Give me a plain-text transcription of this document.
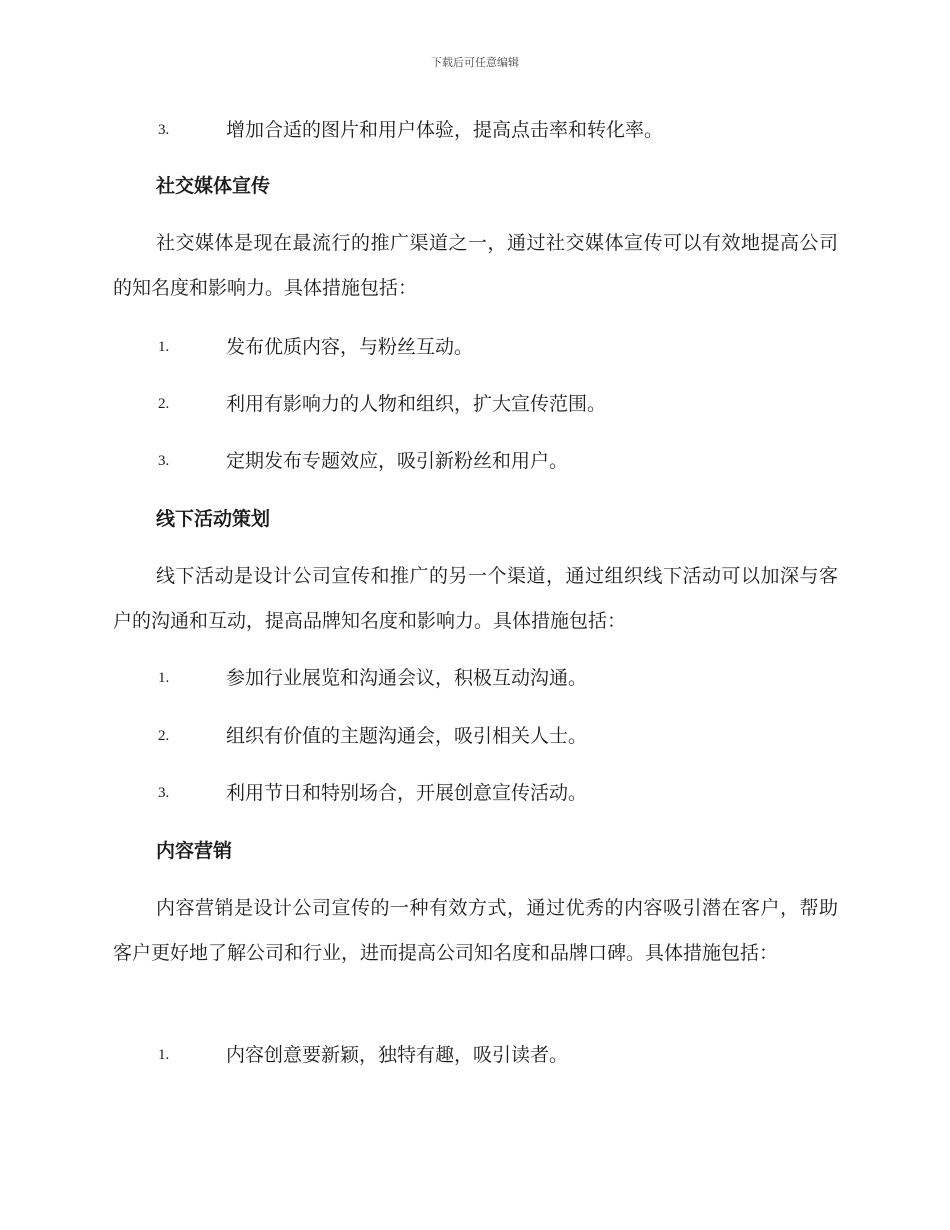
下载后可任意编辑
3.	增加合适的图片和用户体验，提高点击率和转化率。
社交媒体宣传
社交媒体是现在最流行的推广渠道之一，通过社交媒体宣传可以有效地提高公司的知名度和影响力。具体措施包括：
1.	发布优质内容，与粉丝互动。
2.	利用有影响力的人物和组织，扩大宣传范围。
3.	定期发布专题效应，吸引新粉丝和用户。
线下活动策划
线下活动是设计公司宣传和推广的另一个渠道，通过组织线下活动可以加深与客户的沟通和互动，提高品牌知名度和影响力。具体措施包括：
1.	参加行业展览和沟通会议，积极互动沟通。
2.	组织有价值的主题沟通会，吸引相关人士。
3.	利用节日和特别场合，开展创意宣传活动。
内容营销
内容营销是设计公司宣传的一种有效方式，通过优秀的内容吸引潜在客户，帮助客户更好地了解公司和行业，进而提高公司知名度和品牌口碑。具体措施包括：
1.	内容创意要新颖，独特有趣，吸引读者。
